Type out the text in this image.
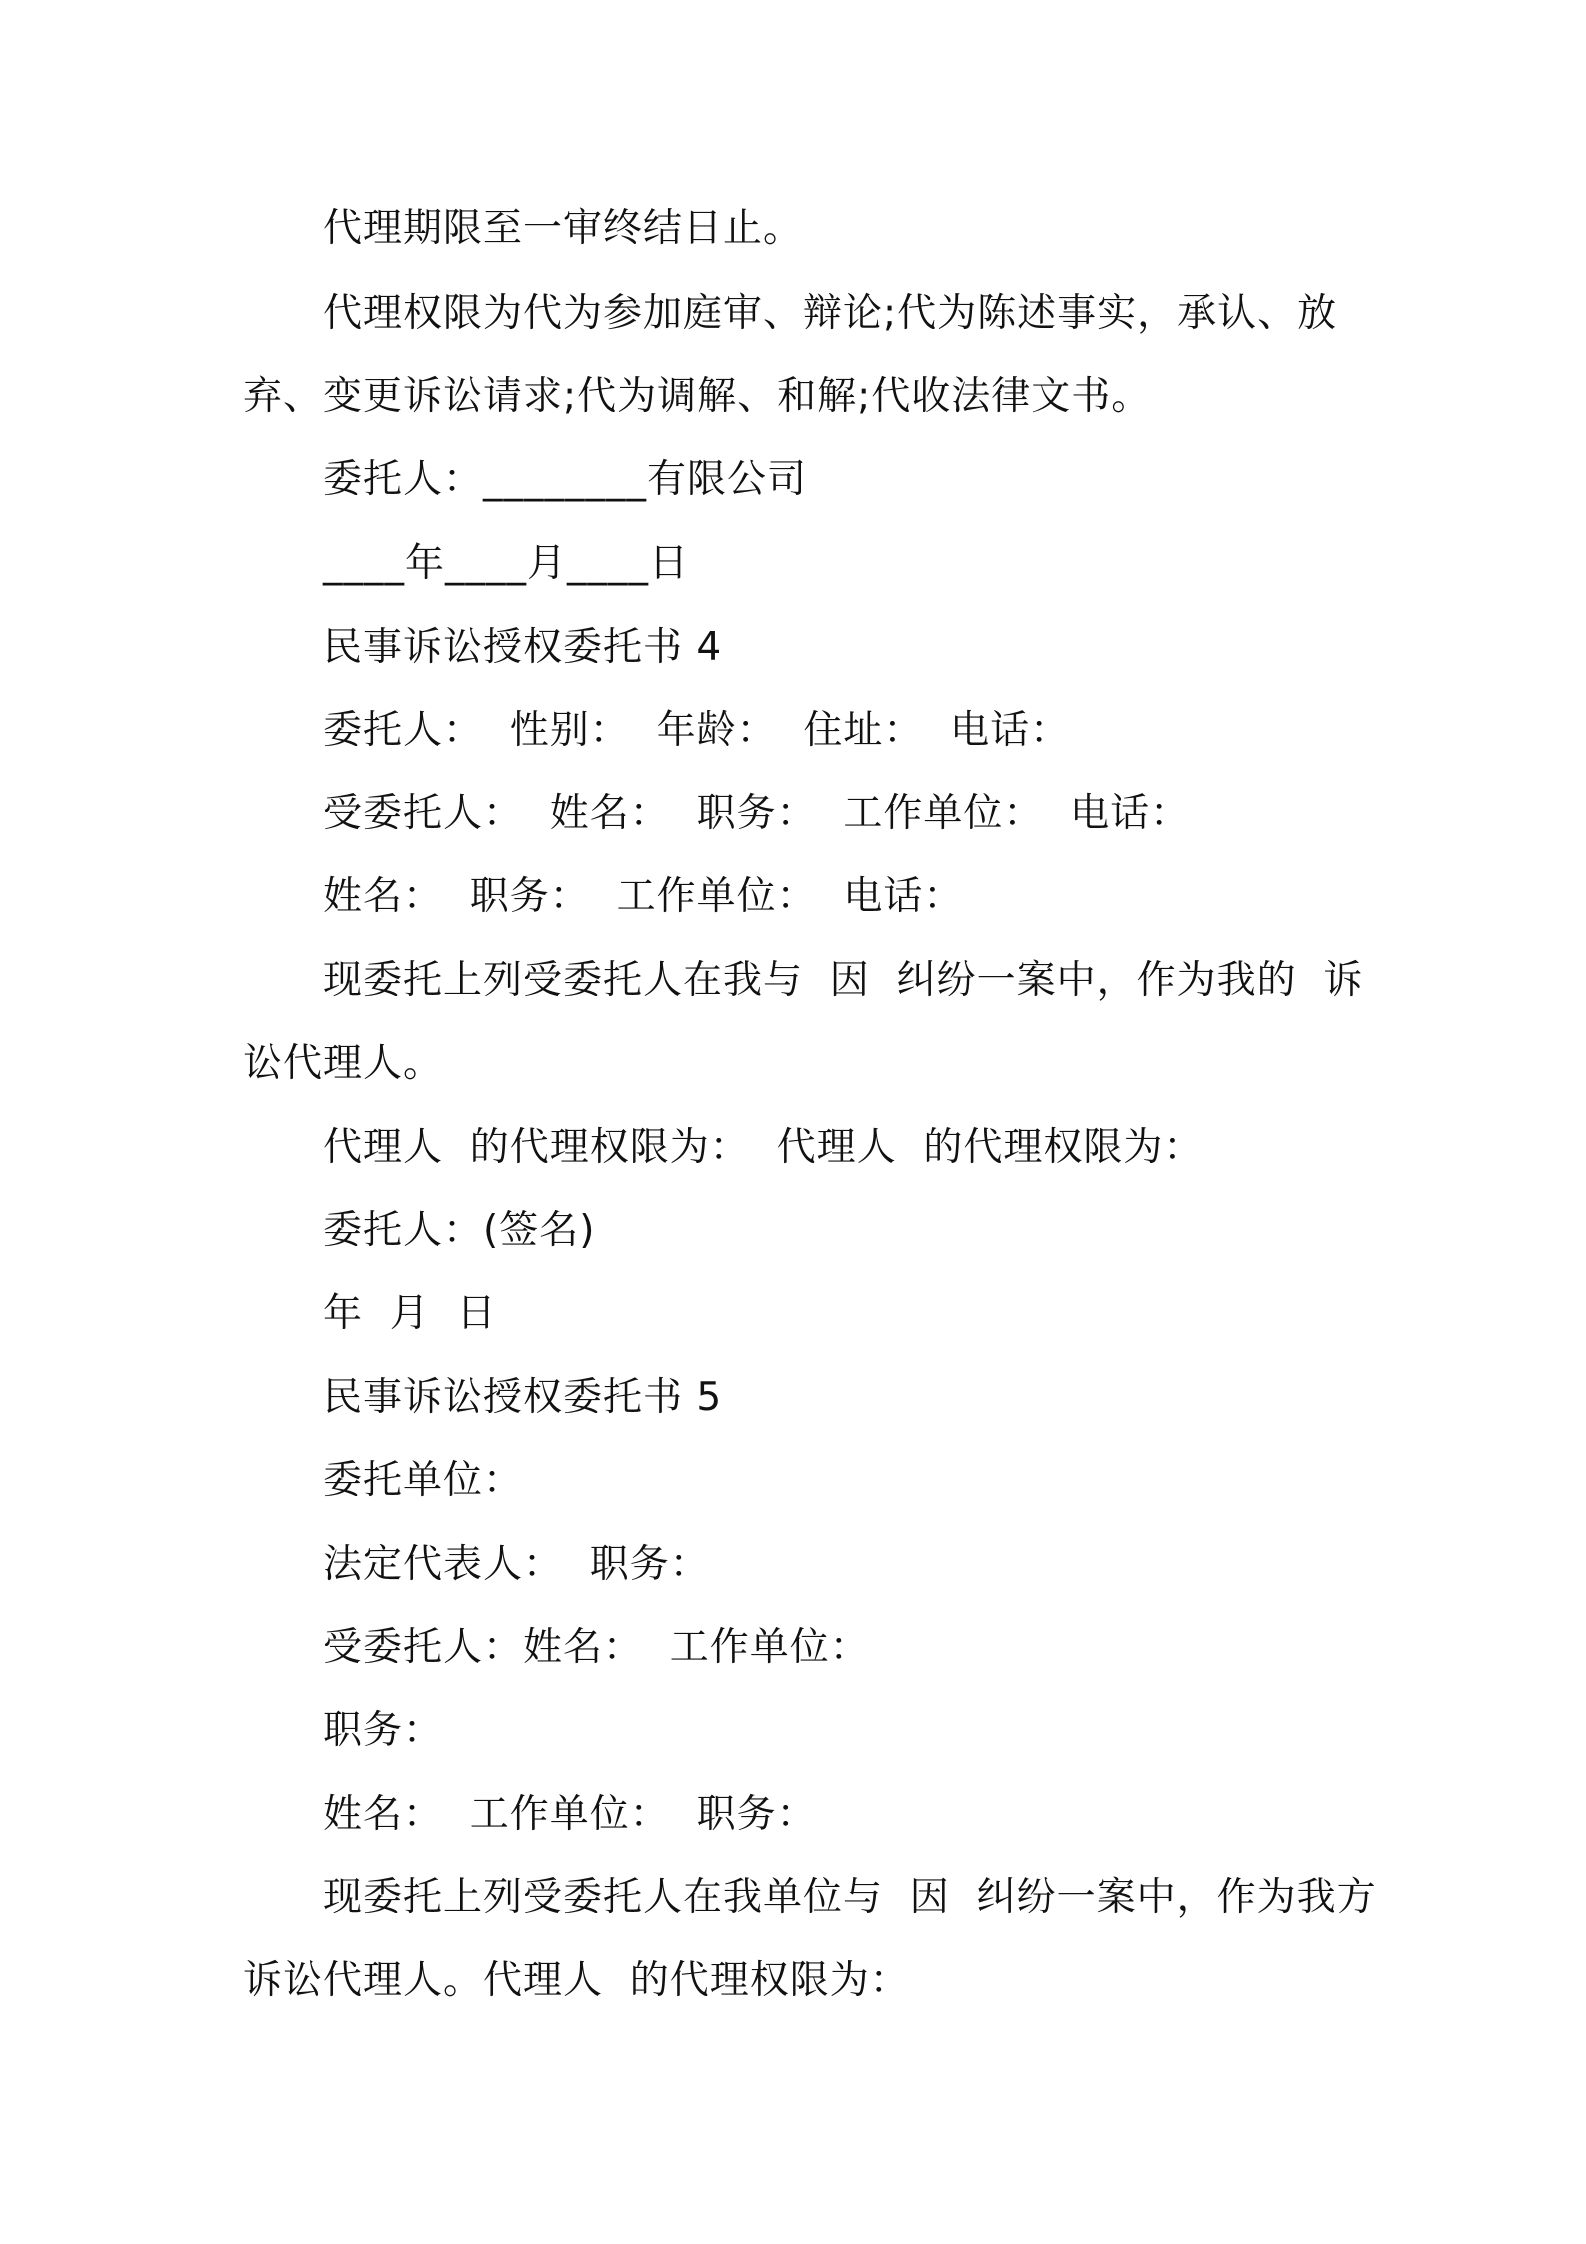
代理期限至一审终结日止。
代理权限为代为参加庭审、辩论;代为陈述事实，承认、放
弃、变更诉讼请求;代为调解、和解;代收法律文书。
委托人：________有限公司
____年____月____日
民事诉讼授权委托书 4
委托人：  性别：  年龄：  住址：  电话：
受委托人：  姓名：  职务：  工作单位：  电话：
姓名：  职务：  工作单位：  电话：
现委托上列受委托人在我与  因  纠纷一案中，作为我的  诉
讼代理人。
代理人  的代理权限为：  代理人  的代理权限为：
委托人：(签名)
年  月  日
民事诉讼授权委托书 5
委托单位：
法定代表人：  职务：
受委托人：姓名：  工作单位：
职务：
姓名：  工作单位：  职务：
现委托上列受委托人在我单位与  因  纠纷一案中，作为我方
诉讼代理人。代理人  的代理权限为：
